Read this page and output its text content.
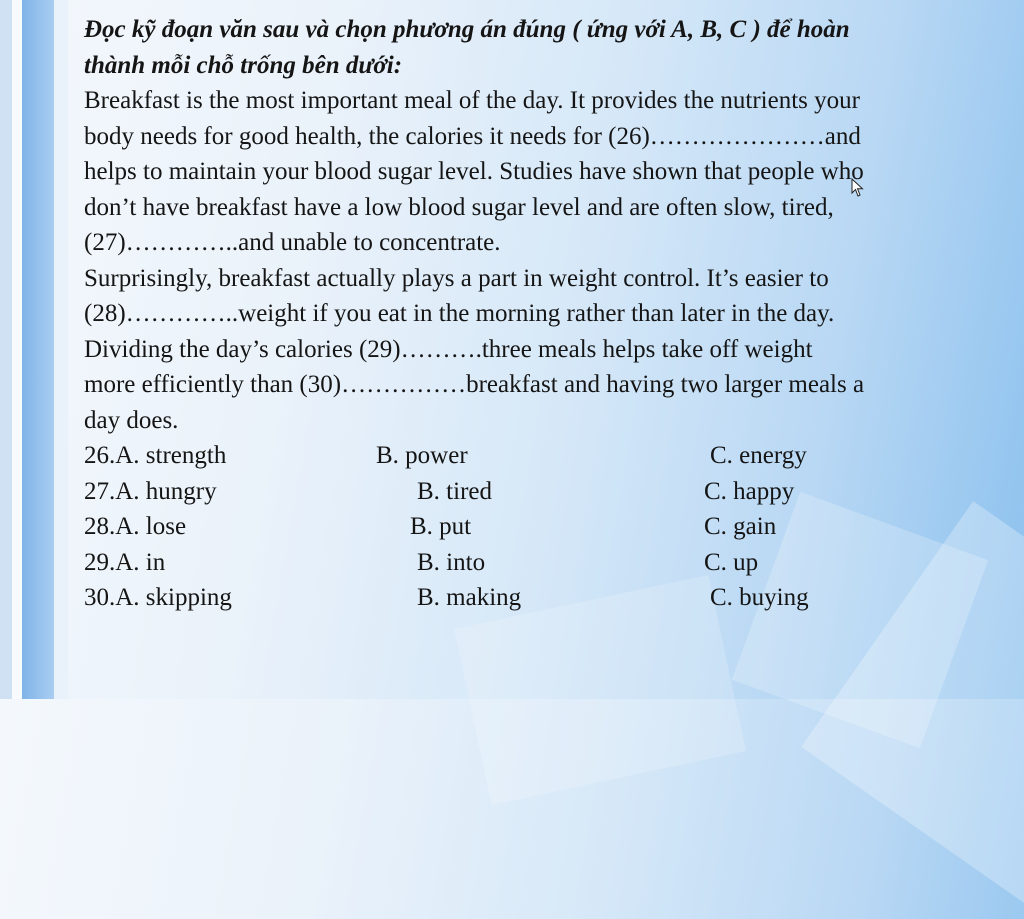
Đọc kỹ đoạn văn sau và chọn phương án đúng ( ứng với A, B, C ) để hoàn
thành mỗi chỗ trống bên dưới:
Breakfast is the most important meal of the day. It provides the nutrients your
body needs for good health, the calories it needs for (26)…………………and
helps to maintain your blood sugar level. Studies have shown that people who
don’t have breakfast have a low blood sugar level and are often slow, tired,
(27)…………..and unable to concentrate.
Surprisingly, breakfast actually plays a part in weight control. It’s easier to
(28)…………..weight if you eat in the morning rather than later in the day.
Dividing the day’s calories (29)……….three meals helps take off weight
more efficiently than (30)……………breakfast and having two larger meals a
day does.
26.A. strength	B. power	C. energy
27.A. hungry	B. tired	C. happy
28.A. lose	B. put	C. gain
29.A. in	B. into	C. up
30.A. skipping	B. making	C. buying
